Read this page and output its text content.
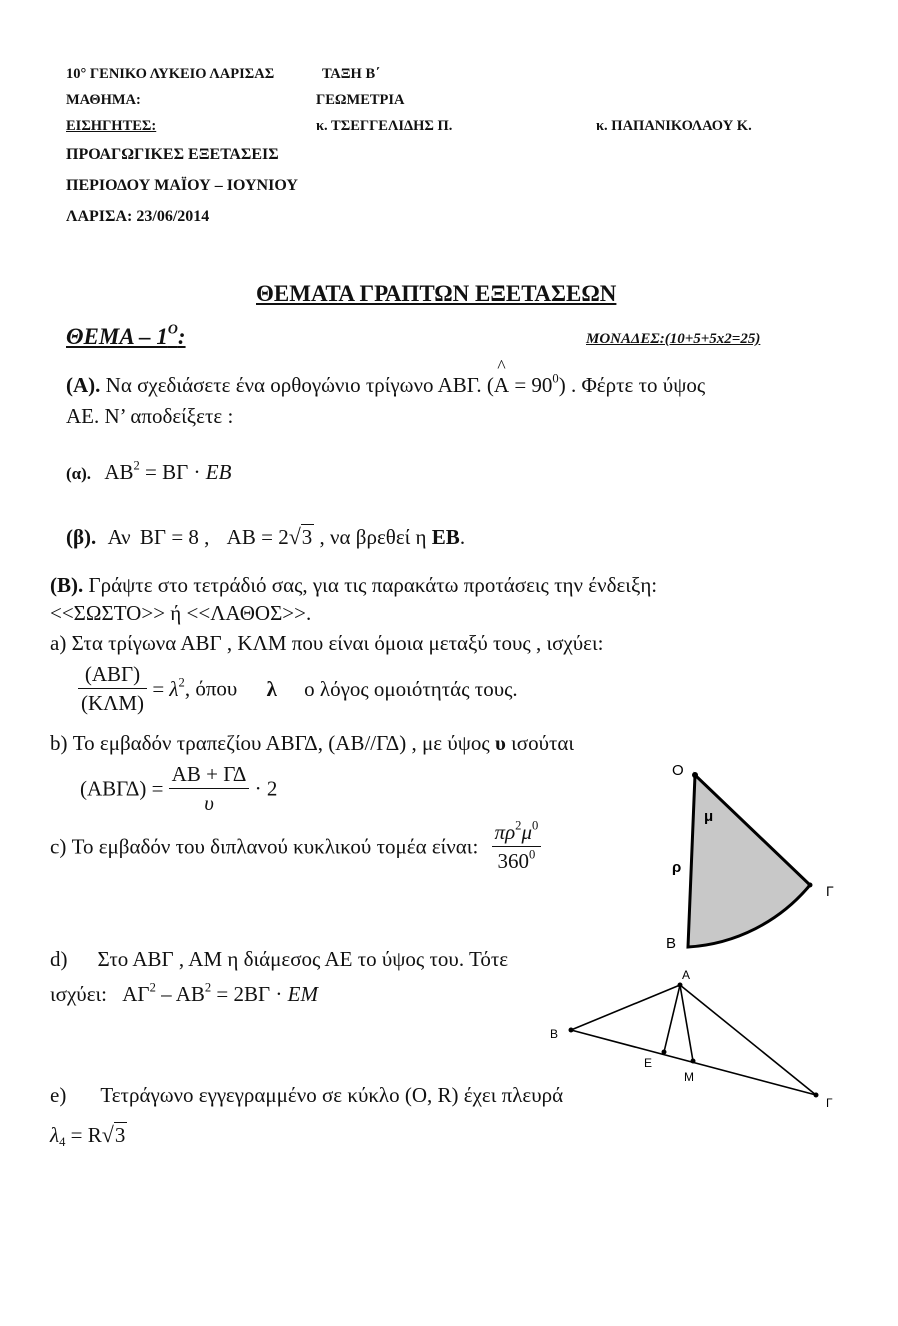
10° ΓΕΝΙΚΟ ΛΥΚΕΙΟ ΛΑΡΙΣΑΣ	ΤΑΞΗ Β΄
ΜΑΘΗΜΑ:	ΓΕΩΜΕΤΡΙΑ
ΕΙΣΗΓΗΤΕΣ:	κ. ΤΣΕΓΓΕΛΙΔΗΣ Π.	κ. ΠΑΠΑΝΙΚΟΛΑΟΥ Κ.
ΠΡΟΑΓΩΓΙΚΕΣ ΕΞΕΤΑΣΕΙΣ
ΠΕΡΙΟΔΟΥ ΜΑΪΟΥ – ΙΟΥΝΙΟΥ
ΛΑΡΙΣΑ: 23/06/2014
ΘΕΜΑΤΑ ΓΡΑΠΤΩΝ ΕΞΕΤΑΣΕΩΝ
ΘΕΜΑ – $1^O$:	ΜΟΝΑΔΕΣ:(10+5+5x2=25)
(Α). Να σχεδιάσετε ένα ορθογώνιο τρίγωνο ΑΒΓ. (
^
$A = 90^0$) . Φέρτε το ύψος
ΑΕ. Ν’ αποδείξετε :
(α). $AB^2 = B\Gamma \cdot EB$
(β). Αν ΒΓ = 8 , ΑΒ = 2√3 , να βρεθεί η ΕΒ.
(Β). Γράψτε στο τετράδιό σας, για τις παρακάτω προτάσεις την ένδειξη:
<<ΣΩΣΤΟ>> ή <<ΛΑΘΟΣ>>.
a) Στα τρίγωνα ΑΒΓ , ΚΛΜ που είναι όμοια μεταξύ τους , ισχύει:
$\frac{\text{(ΑΒΓ)}}{\text{(ΚΛΜ)}} = \lambda^2$, όπου λ ο λόγος ομοιότητάς τους.
b) Το εμβαδόν τραπεζίου ΑΒΓΔ, (ΑΒ//ΓΔ) , με ύψος υ ισούται
$(AB\Gamma\Delta) = \frac{AB + \Gamma\Delta}{\upsilon} \cdot 2$
c) Το εμβαδόν του διπλανού κυκλικού τομέα είναι: $\frac{\pi\rho^2\mu^0}{360^0}$
d) Στο ΑΒΓ , ΑΜ η διάμεσος ΑΕ το ύψος του. Τότε
ισχύει: $A\Gamma^2 - AB^2 = 2B\Gamma \cdot EM$
e) Τετράγωνο εγγεγραμμένο σε κύκλο (Ο, R) έχει πλευρά
$\lambda_4 = R√3$
Ο
μ
ρ
Γ
Β
Α
Β
Ε
Μ
Γ
